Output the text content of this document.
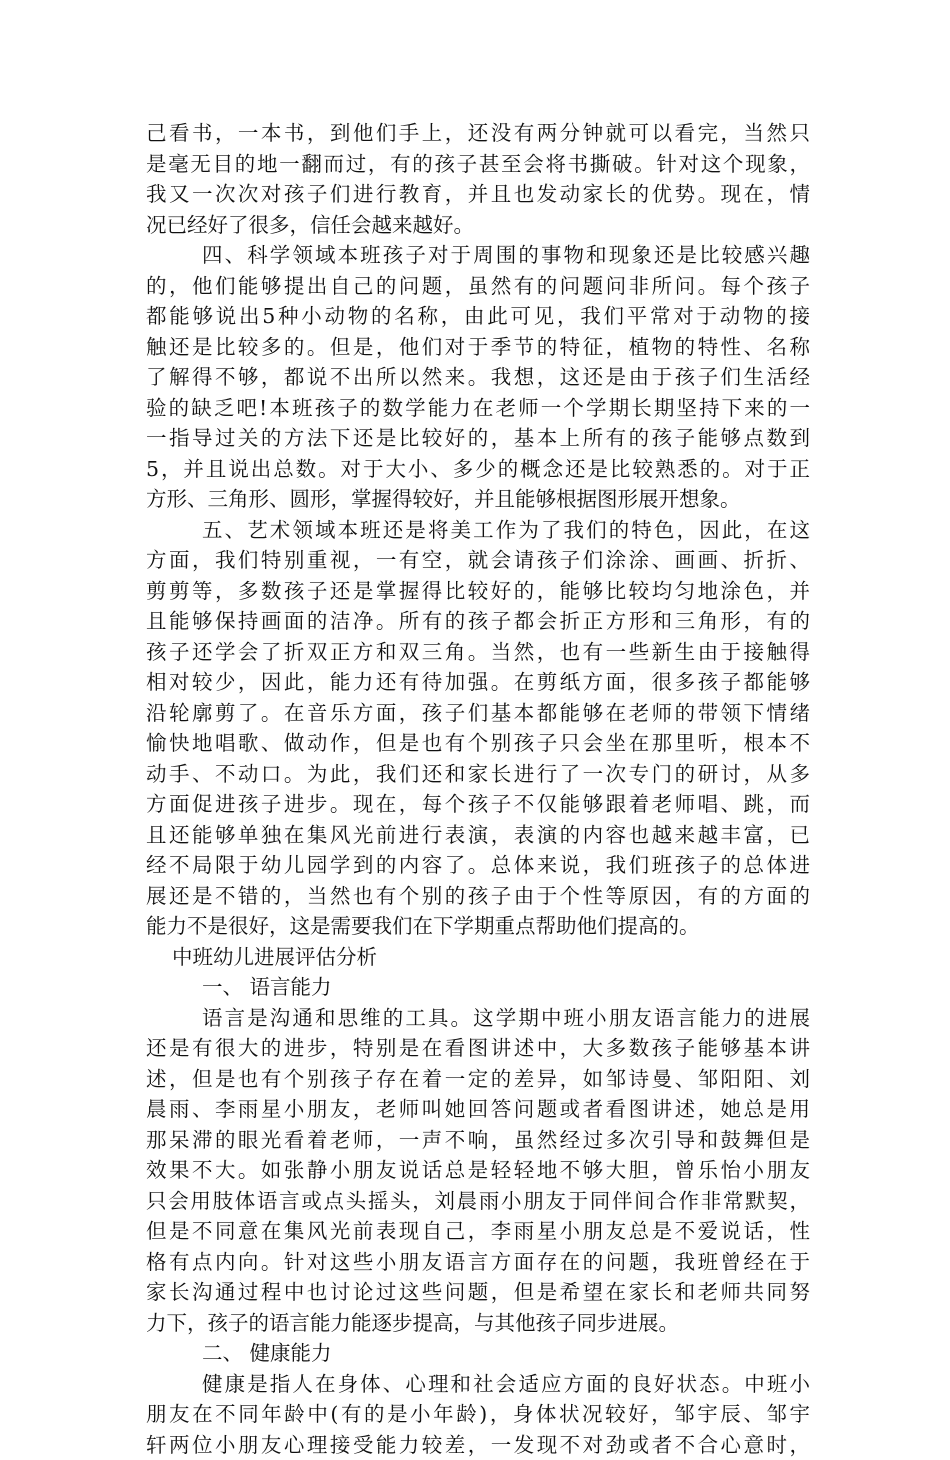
己看书，一本书，到他们手上，还没有两分钟就可以看完，当然只
是毫无目的地一翻而过，有的孩子甚至会将书撕破。针对这个现象，
我又一次次对孩子们进行教育，并且也发动家长的优势。现在，情
况已经好了很多，信任会越来越好。
四、科学领域本班孩子对于周围的事物和现象还是比较感兴趣
的，他们能够提出自己的问题，虽然有的问题问非所问。每个孩子
都能够说出5种小动物的名称，由此可见，我们平常对于动物的接
触还是比较多的。但是，他们对于季节的特征，植物的特性、名称
了解得不够，都说不出所以然来。我想，这还是由于孩子们生活经
验的缺乏吧!本班孩子的数学能力在老师一个学期长期坚持下来的一
一指导过关的方法下还是比较好的，基本上所有的孩子能够点数到
5，并且说出总数。对于大小、多少的概念还是比较熟悉的。对于正
方形、三角形、圆形，掌握得较好，并且能够根据图形展开想象。
五、艺术领域本班还是将美工作为了我们的特色，因此，在这
方面，我们特别重视，一有空，就会请孩子们涂涂、画画、折折、
剪剪等，多数孩子还是掌握得比较好的，能够比较均匀地涂色，并
且能够保持画面的洁净。所有的孩子都会折正方形和三角形，有的
孩子还学会了折双正方和双三角。当然，也有一些新生由于接触得
相对较少，因此，能力还有待加强。在剪纸方面，很多孩子都能够
沿轮廓剪了。在音乐方面，孩子们基本都能够在老师的带领下情绪
愉快地唱歌、做动作，但是也有个别孩子只会坐在那里听，根本不
动手、不动口。为此，我们还和家长进行了一次专门的研讨，从多
方面促进孩子进步。现在，每个孩子不仅能够跟着老师唱、跳，而
且还能够单独在集风光前进行表演，表演的内容也越来越丰富，已
经不局限于幼儿园学到的内容了。总体来说，我们班孩子的总体进
展还是不错的，当然也有个别的孩子由于个性等原因，有的方面的
能力不是很好，这是需要我们在下学期重点帮助他们提高的。
中班幼儿进展评估分析
一、 语言能力
语言是沟通和思维的工具。这学期中班小朋友语言能力的进展
还是有很大的进步，特别是在看图讲述中，大多数孩子能够基本讲
述，但是也有个别孩子存在着一定的差异，如邹诗曼、邹阳阳、刘
晨雨、李雨星小朋友，老师叫她回答问题或者看图讲述，她总是用
那呆滞的眼光看着老师，一声不响，虽然经过多次引导和鼓舞但是
效果不大。如张静小朋友说话总是轻轻地不够大胆，曾乐怡小朋友
只会用肢体语言或点头摇头，刘晨雨小朋友于同伴间合作非常默契，
但是不同意在集风光前表现自己，李雨星小朋友总是不爱说话，性
格有点内向。针对这些小朋友语言方面存在的问题，我班曾经在于
家长沟通过程中也讨论过这些问题，但是希望在家长和老师共同努
力下，孩子的语言能力能逐步提高，与其他孩子同步进展。
二、 健康能力
健康是指人在身体、心理和社会适应方面的良好状态。中班小
朋友在不同年龄中(有的是小年龄)，身体状况较好，邹宇辰、邹宇
轩两位小朋友心理接受能力较差，一发现不对劲或者不合心意时，
